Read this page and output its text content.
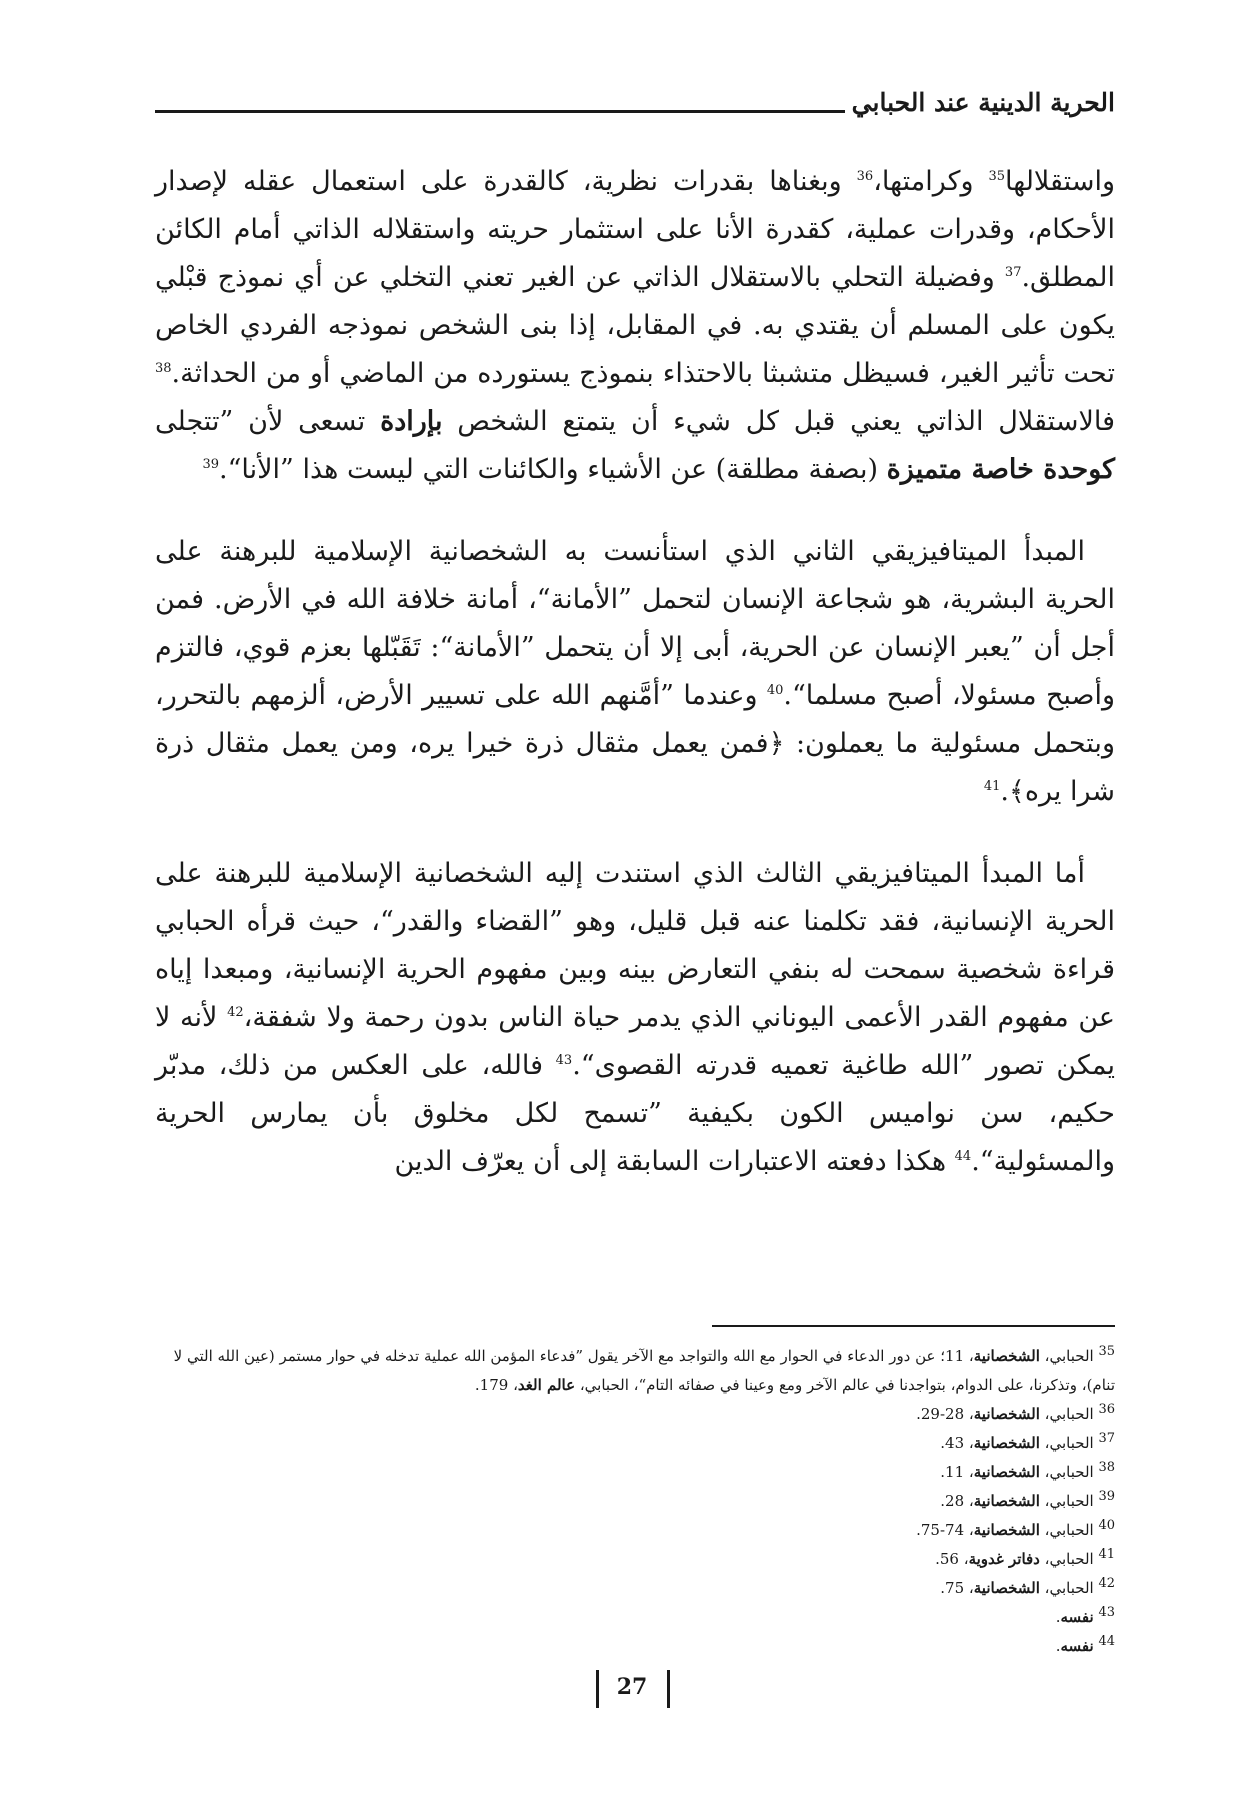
الحرية الدينية عند الحبابي

واستقلالها$^{35}$ وكرامتها،$^{36}$ وبغناها بقدرات نظرية، كالقدرة على استعمال عقله لإصدار الأحكام، وقدرات عملية، كقدرة الأنا على استثمار حريته واستقلاله الذاتي أمام الكائن المطلق.$^{37}$ وفضيلة التحلي بالاستقلال الذاتي عن الغير تعني التخلي عن أي نموذج قبْلي يكون على المسلم أن يقتدي به. في المقابل، إذا بنى الشخص نموذجه الفردي الخاص تحت تأثير الغير، فسيظل متشبثا بالاحتذاء بنموذج يستورده من الماضي أو من الحداثة.$^{38}$ فالاستقلال الذاتي يعني قبل كل شيء أن يتمتع الشخص بإرادة تسعى لأن ”تتجلى كوحدة خاصة متميزة (بصفة مطلقة) عن الأشياء والكائنات التي ليست هذا ”الأنا“.$^{39}$

المبدأ الميتافيزيقي الثاني الذي استأنست به الشخصانية الإسلامية للبرهنة على الحرية البشرية، هو شجاعة الإنسان لتحمل ”الأمانة“، أمانة خلافة الله في الأرض. فمن أجل أن ”يعبر الإنسان عن الحرية، أبى إلا أن يتحمل ”الأمانة“: تَقَبّلها بعزم قوي، فالتزم وأصبح مسئولا، أصبح مسلما“.$^{40}$ وعندما ”أمَّنهم الله على تسيير الأرض، ألزمهم بالتحرر، وبتحمل مسئولية ما يعملون: ﴿فمن يعمل مثقال ذرة خيرا يره، ومن يعمل مثقال ذرة شرا يره﴾.$^{41}$

أما المبدأ الميتافيزيقي الثالث الذي استندت إليه الشخصانية الإسلامية للبرهنة على الحرية الإنسانية، فقد تكلمنا عنه قبل قليل، وهو ”القضاء والقدر“، حيث قرأه الحبابي قراءة شخصية سمحت له بنفي التعارض بينه وبين مفهوم الحرية الإنسانية، ومبعدا إياه عن مفهوم القدر الأعمى اليوناني الذي يدمر حياة الناس بدون رحمة ولا شفقة،$^{42}$ لأنه لا يمكن تصور ”الله طاغية تعميه قدرته القصوى“.$^{43}$ فالله، على العكس من ذلك، مدبّر حكيم، سن نواميس الكون بكيفية ”تسمح لكل مخلوق بأن يمارس الحرية والمسئولية“.$^{44}$ هكذا دفعته الاعتبارات السابقة إلى أن يعرّف الدين

$^{35}$ الحبابي، الشخصانية، 11؛ عن دور الدعاء في الحوار مع الله والتواجد مع الآخر يقول ”فدعاء المؤمن الله عملية تدخله في حوار مستمر (عين الله التي لا تنام)، وتذكرنا، على الدوام، بتواجدنا في عالم الآخر ومع وعينا في صفائه التام“، الحبابي، عالم الغد، 179.

$^{36}$ الحبابي، الشخصانية، 28-29.

$^{37}$ الحبابي، الشخصانية، 43.

$^{38}$ الحبابي، الشخصانية، 11.

$^{39}$ الحبابي، الشخصانية، 28.

$^{40}$ الحبابي، الشخصانية، 74-75.

$^{41}$ الحبابي، دفاتر غدوية، 56.

$^{42}$ الحبابي، الشخصانية، 75.

$^{43}$ نفسه.

$^{44}$ نفسه.

27
